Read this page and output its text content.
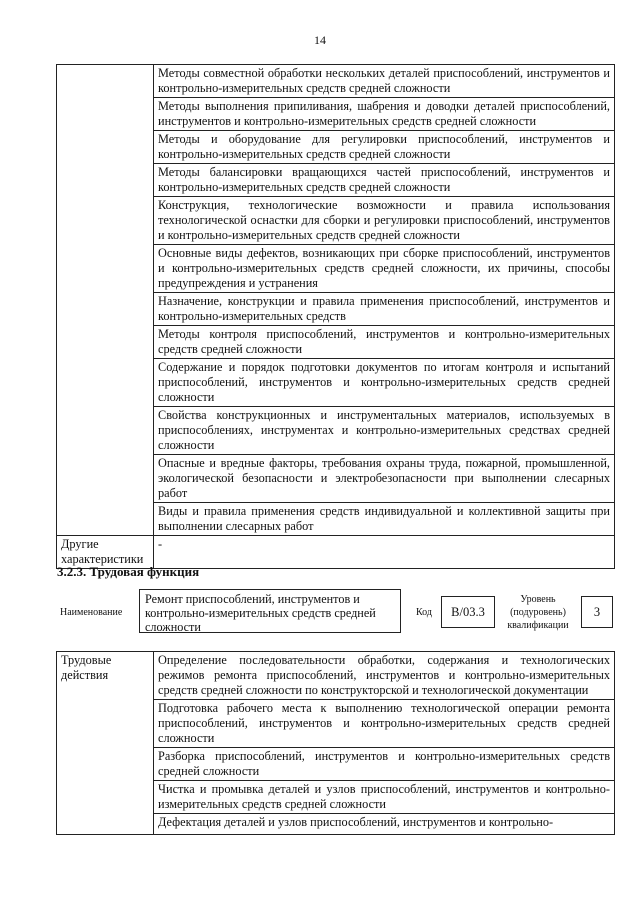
14
	Методы совместной обработки нескольких деталей приспособлений, инструментов и контрольно-измерительных средств средней сложности
	Методы выполнения припиливания, шабрения и доводки деталей приспособлений, инструментов и контрольно-измерительных средств средней сложности
	Методы и оборудование для регулировки приспособлений, инструментов и контрольно-измерительных средств средней сложности
	Методы балансировки вращающихся частей приспособлений, инструментов и контрольно-измерительных средств средней сложности
	Конструкция, технологические возможности и правила использования технологической оснастки для сборки и регулировки приспособлений, инструментов и контрольно-измерительных средств средней сложности
	Основные виды дефектов, возникающих при сборке приспособлений, инструментов и контрольно-измерительных средств средней сложности, их причины, способы предупреждения и устранения
	Назначение, конструкции и правила применения приспособлений, инструментов и контрольно-измерительных средств
	Методы контроля приспособлений, инструментов и контрольно-измерительных средств средней сложности
	Содержание и порядок подготовки документов по итогам контроля и испытаний приспособлений, инструментов и контрольно-измерительных средств средней сложности
	Свойства конструкционных и инструментальных материалов, используемых в приспособлениях, инструментах и контрольно-измерительных средствах средней сложности
	Опасные и вредные факторы, требования охраны труда, пожарной, промышленной, экологической безопасности и электробезопасности при выполнении слесарных работ
	Виды и правила применения средств индивидуальной и коллективной защиты при выполнении слесарных работ
Другие характеристики	-
3.2.3. Трудовая функция
Наименование
Ремонт приспособлений, инструментов и контрольно-измерительных средств средней сложности
Код	B/03.3
Уровень (подуровень) квалификации
3
Трудовые действия	Определение последовательности обработки, содержания и технологических режимов ремонта приспособлений, инструментов и контрольно-измерительных средств средней сложности по конструкторской и технологической документации
Подготовка рабочего места к выполнению технологической операции ремонта приспособлений, инструментов и контрольно-измерительных средств средней сложности
Разборка приспособлений, инструментов и контрольно-измерительных средств средней сложности
Чистка и промывка деталей и узлов приспособлений, инструментов и контрольно-измерительных средств средней сложности
Дефектация деталей и узлов приспособлений, инструментов и контрольно-
